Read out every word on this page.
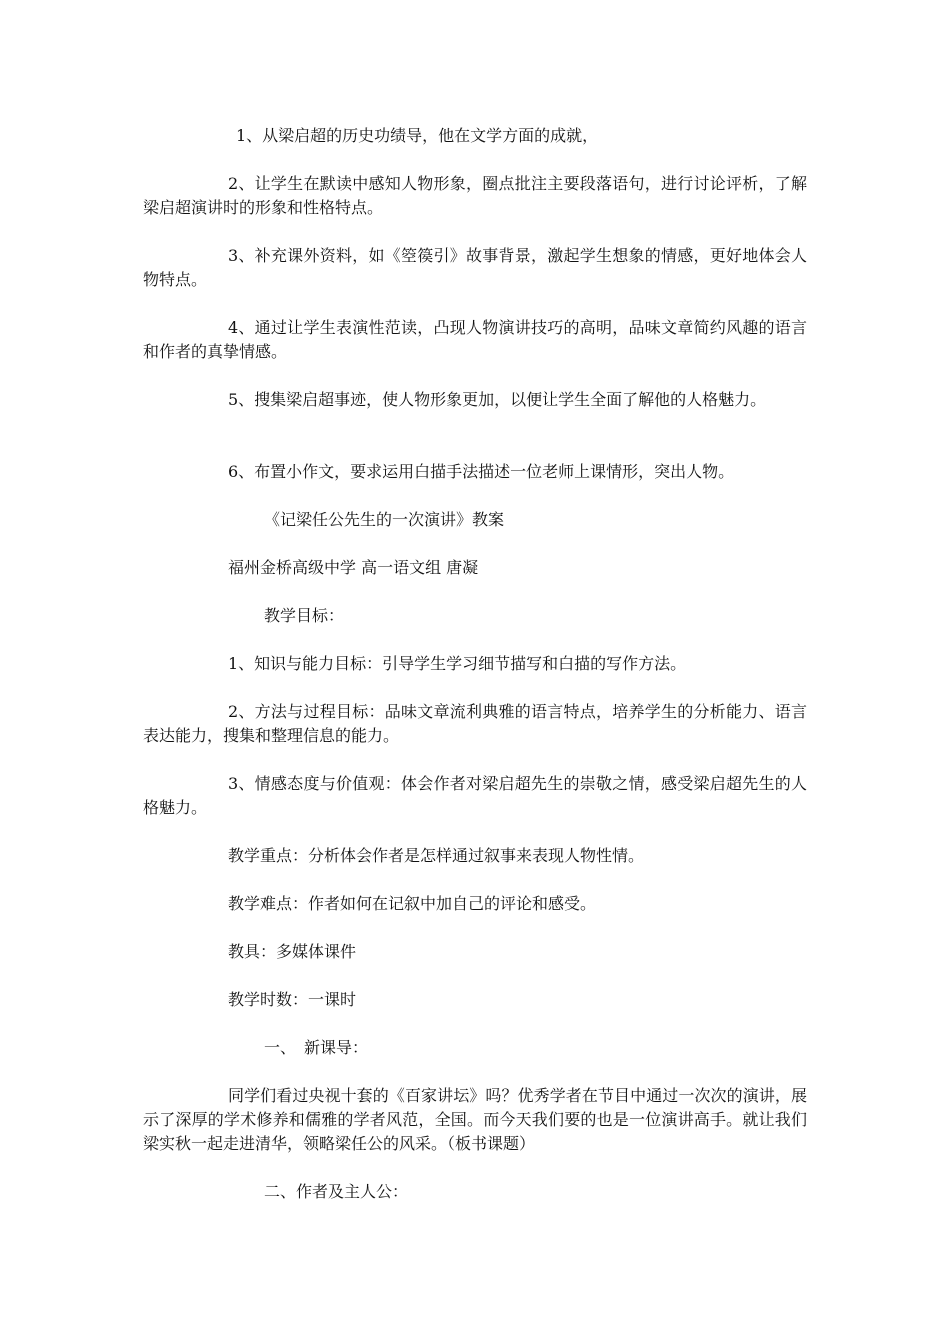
1、从梁启超的历史功绩导，他在文学方面的成就，

2、让学生在默读中感知人物形象，圈点批注主要段落语句，进行讨论评析，了解梁启超演讲时的形象和性格特点。

3、补充课外资料，如《箜篌引》故事背景，激起学生想象的情感，更好地体会人物特点。

4、通过让学生表演性范读，凸现人物演讲技巧的高明，品味文章简约风趣的语言和作者的真挚情感。

5、搜集梁启超事迹，使人物形象更加，以便让学生全面了解他的人格魅力。

6、布置小作文，要求运用白描手法描述一位老师上课情形，突出人物。

《记梁任公先生的一次演讲》教案

福州金桥高级中学 高一语文组 唐凝

教学目标：

1、知识与能力目标：引导学生学习细节描写和白描的写作方法。

2、方法与过程目标：品味文章流利典雅的语言特点，培养学生的分析能力、语言表达能力，搜集和整理信息的能力。

3、情感态度与价值观：体会作者对梁启超先生的崇敬之情，感受梁启超先生的人格魅力。

教学重点：分析体会作者是怎样通过叙事来表现人物性情。

教学难点：作者如何在记叙中加自己的评论和感受。

教具：多媒体课件

教学时数：一课时

一、　新课导：

同学们看过央视十套的《百家讲坛》吗？优秀学者在节目中通过一次次的演讲，展示了深厚的学术修养和儒雅的学者风范，全国。而今天我们要的也是一位演讲高手。就让我们梁实秋一起走进清华，领略梁任公的风采。（板书课题）

二、作者及主人公：
